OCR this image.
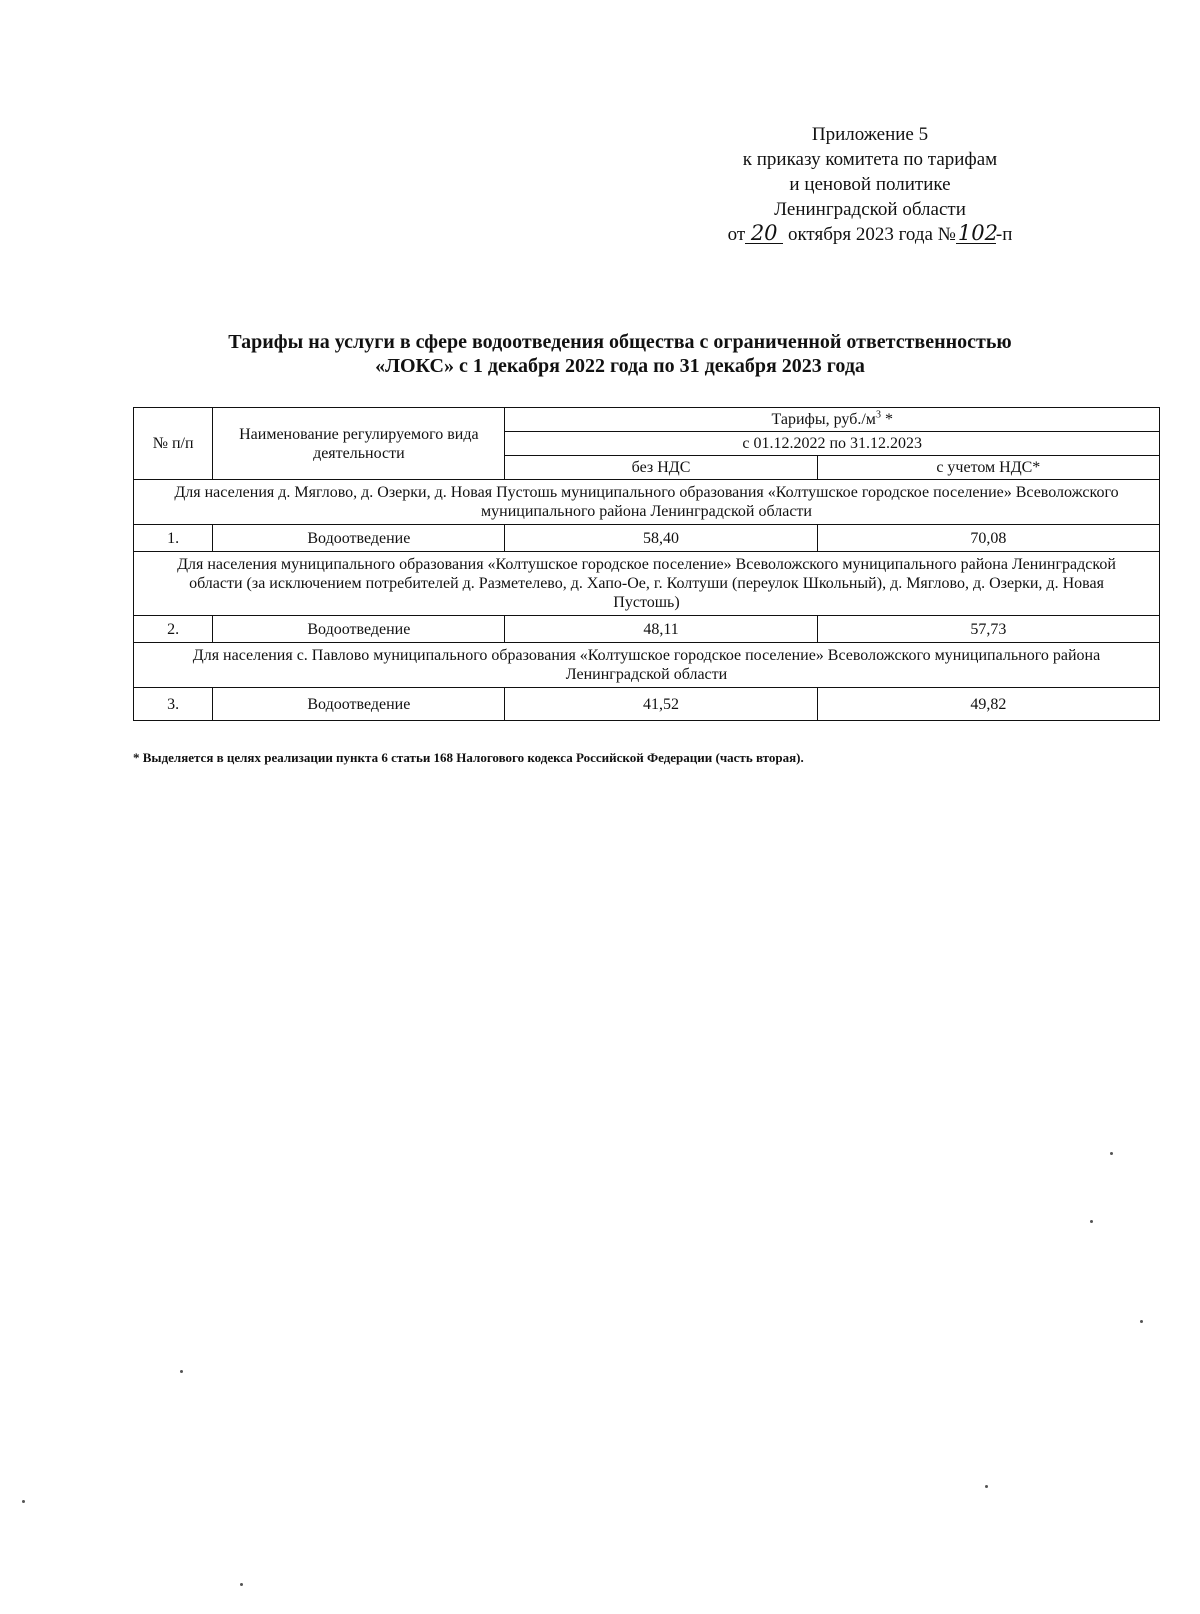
Приложение 5
к приказу комитета по тарифам
и ценовой политике
Ленинградской области
от 20 октября 2023 года №102-п
Тарифы на услуги в сфере водоотведения общества с ограниченной ответственностью
«ЛОКС» с 1 декабря 2022 года по 31 декабря 2023 года
№ п/п	Наименование регулируемого вида деятельности	Тарифы, $руб./м^3$ *	
		с 01.12.2022 по 31.12.2023	
		без НДС	с учетом НДС*
Для населения д. Мяглово, д. Озерки, д. Новая Пустошь муниципального образования «Колтушское городское поселение» Всеволожского муниципального района Ленинградской области			
1.	Водоотведение	58,40	70,08
Для населения муниципального образования «Колтушское городское поселение» Всеволожского муниципального района Ленинградской области (за исключением потребителей д. Разметелево, д. Хапо-Ое, г. Колтуши (переулок Школьный), д. Мяглово, д. Озерки, д. Новая Пустошь)			
2.	Водоотведение	48,11	57,73
Для населения с. Павлово муниципального образования «Колтушское городское поселение» Всеволожского муниципального района Ленинградской области			
3.	Водоотведение	41,52	49,82
* Выделяется в целях реализации пункта 6 статьи 168 Налогового кодекса Российской Федерации (часть вторая).
